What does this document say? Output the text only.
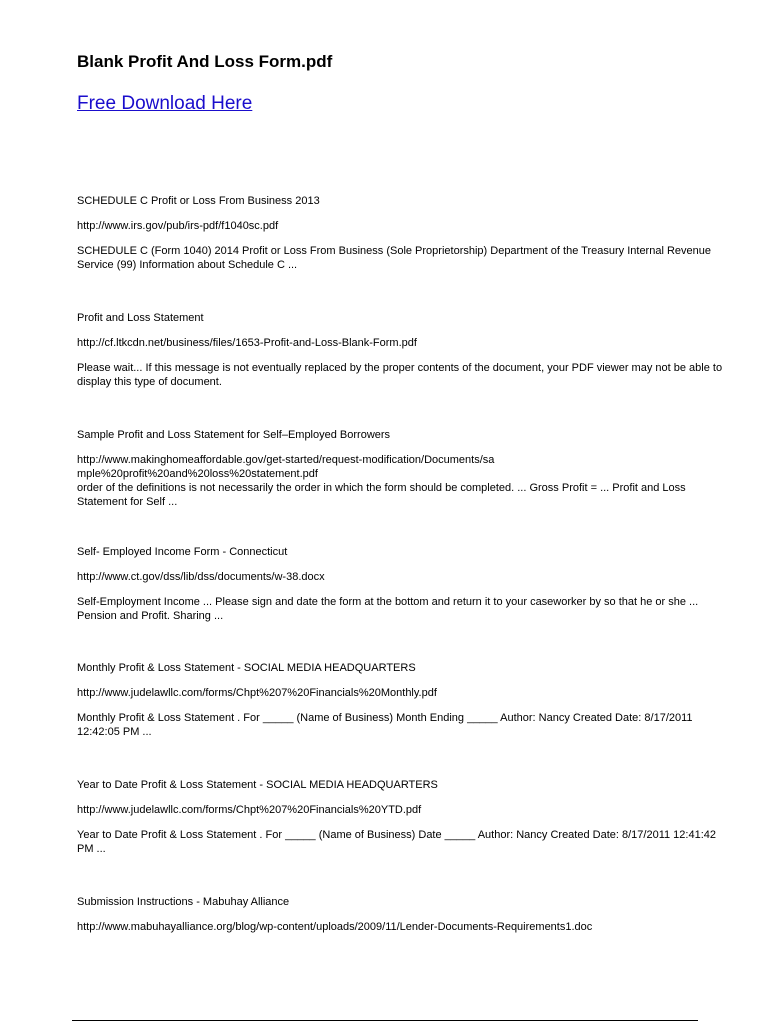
Blank Profit And Loss Form.pdf
Free Download Here
SCHEDULE C Profit or Loss From Business 2013
http://www.irs.gov/pub/irs-pdf/f1040sc.pdf
SCHEDULE C (Form 1040) 2014 Profit or Loss From Business (Sole Proprietorship) Department of the Treasury Internal Revenue Service (99) Information about Schedule C ...
Profit and Loss Statement
http://cf.ltkcdn.net/business/files/1653-Profit-and-Loss-Blank-Form.pdf
Please wait... If this message is not eventually replaced by the proper contents of the document, your PDF viewer may not be able to display this type of document.
Sample Profit and Loss Statement for Self–Employed Borrowers
http://www.makinghomeaffordable.gov/get-started/request-modification/Documents/sample%20profit%20and%20loss%20statement.pdf
order of the definitions is not necessarily the order in which the form should be completed. ... Gross Profit = ... Profit and Loss Statement for Self ...
Self- Employed Income Form - Connecticut
http://www.ct.gov/dss/lib/dss/documents/w-38.docx
Self-Employment Income ... Please sign and date the form at the bottom and return it to your caseworker by so that he or she ... Pension and Profit. Sharing ...
Monthly Profit & Loss Statement - SOCIAL MEDIA HEADQUARTERS
http://www.judelawllc.com/forms/Chpt%207%20Financials%20Monthly.pdf
Monthly Profit & Loss Statement . For _____ (Name of Business) Month Ending _____ Author: Nancy Created Date: 8/17/2011 12:42:05 PM ...
Year to Date Profit & Loss Statement - SOCIAL MEDIA HEADQUARTERS
http://www.judelawllc.com/forms/Chpt%207%20Financials%20YTD.pdf
Year to Date Profit & Loss Statement . For _____ (Name of Business) Date _____ Author: Nancy Created Date: 8/17/2011 12:41:42 PM ...
Submission Instructions - Mabuhay Alliance
http://www.mabuhayalliance.org/blog/wp-content/uploads/2009/11/Lender-Documents-Requirements1.doc
